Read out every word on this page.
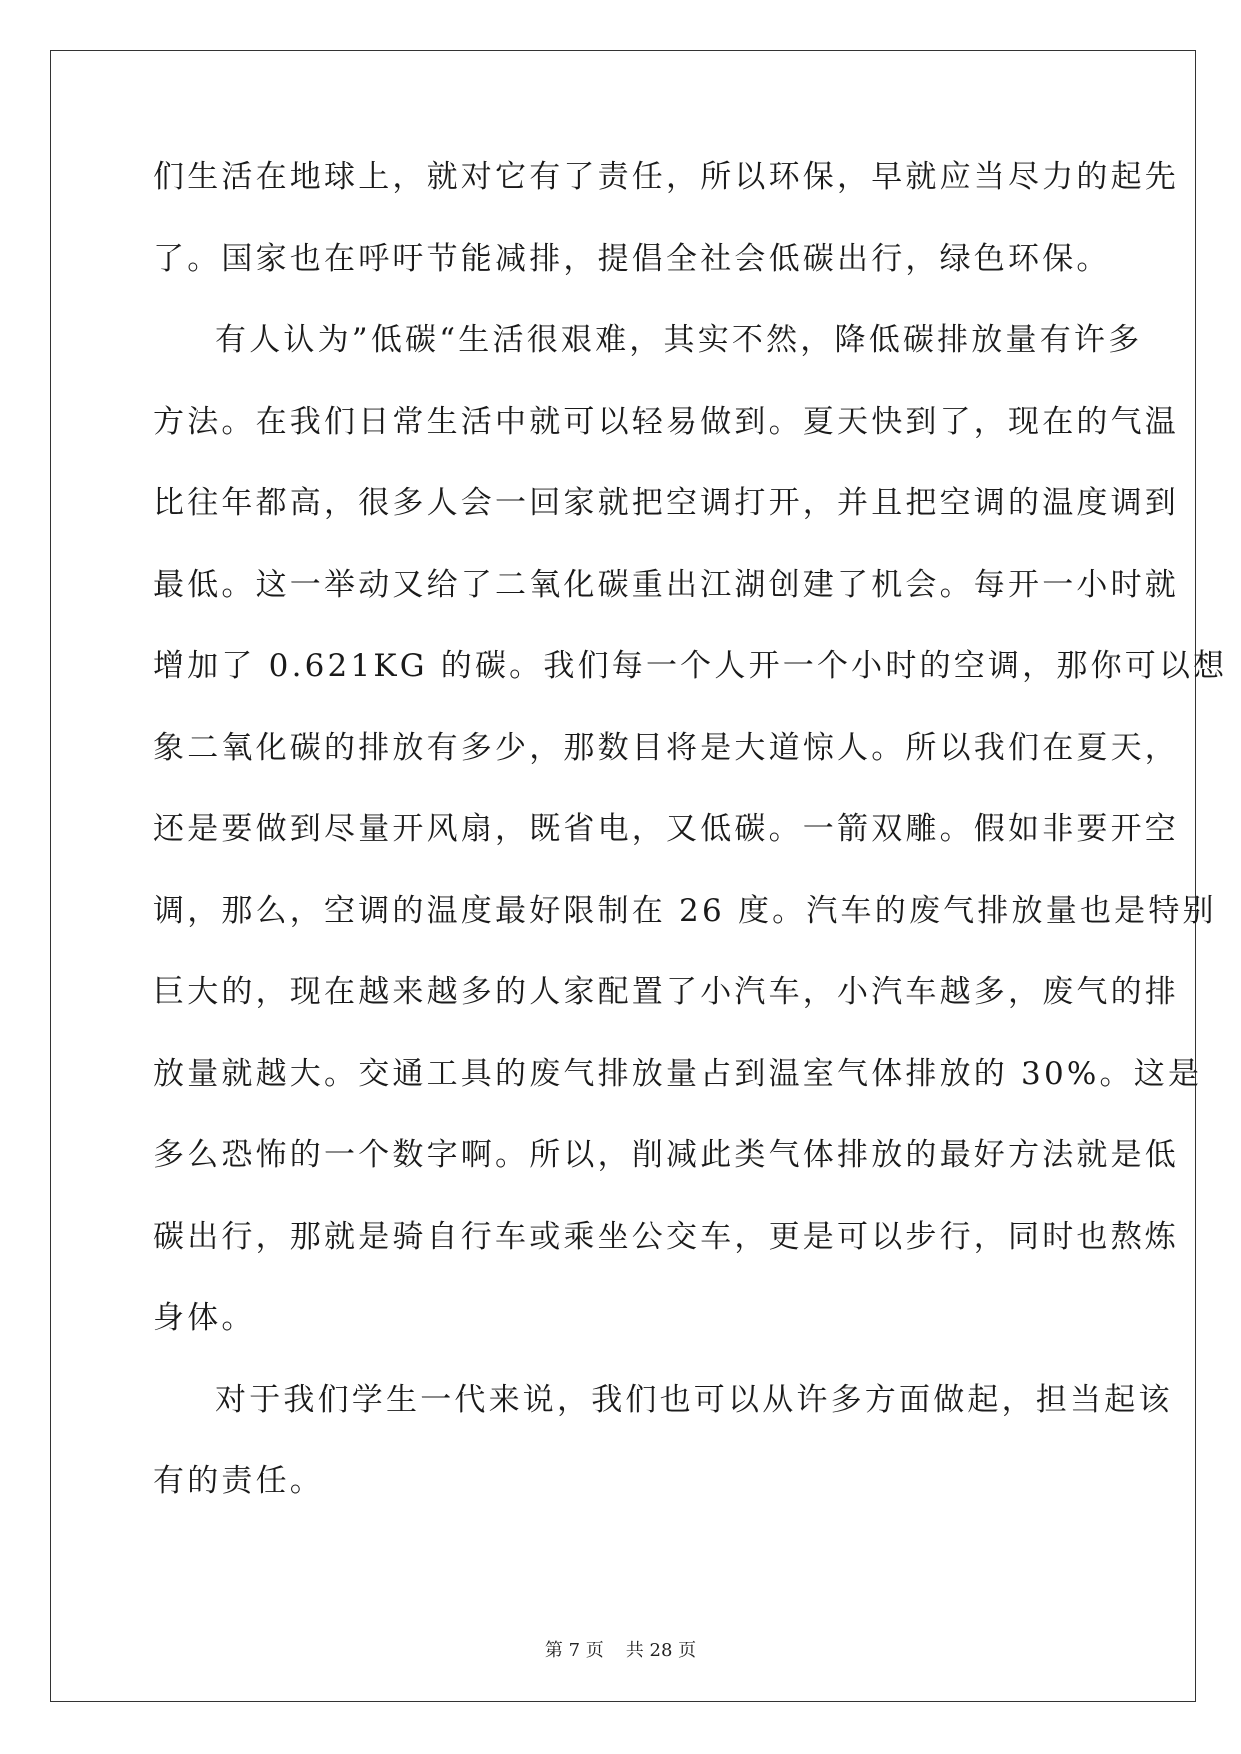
们生活在地球上，就对它有了责任，所以环保，早就应当尽力的起先
了。国家也在呼吁节能减排，提倡全社会低碳出行，绿色环保。
有人认为”低碳“生活很艰难，其实不然，降低碳排放量有许多
方法。在我们日常生活中就可以轻易做到。夏天快到了，现在的气温
比往年都高，很多人会一回家就把空调打开，并且把空调的温度调到
最低。这一举动又给了二氧化碳重出江湖创建了机会。每开一小时就
增加了 0.621KG 的碳。我们每一个人开一个小时的空调，那你可以想
象二氧化碳的排放有多少，那数目将是大道惊人。所以我们在夏天，
还是要做到尽量开风扇，既省电，又低碳。一箭双雕。假如非要开空
调，那么，空调的温度最好限制在 26 度。汽车的废气排放量也是特别
巨大的，现在越来越多的人家配置了小汽车，小汽车越多，废气的排
放量就越大。交通工具的废气排放量占到温室气体排放的 30%。这是
多么恐怖的一个数字啊。所以，削减此类气体排放的最好方法就是低
碳出行，那就是骑自行车或乘坐公交车，更是可以步行，同时也熬炼
身体。
对于我们学生一代来说，我们也可以从许多方面做起，担当起该
有的责任。
第 7 页 共 28 页
